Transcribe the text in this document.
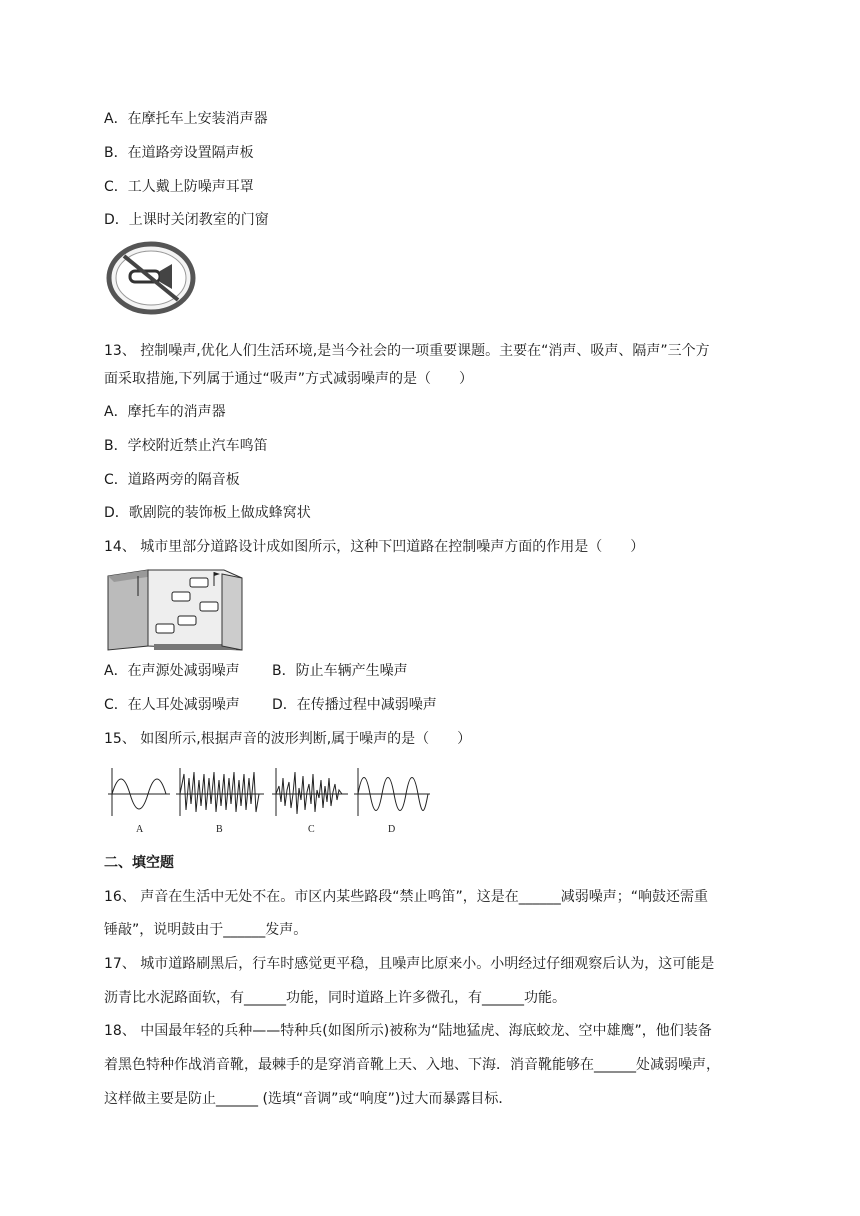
A．在摩托车上安装消声器
B．在道路旁设置隔声板
C．工人戴上防噪声耳罩
D．上课时关闭教室的门窗
13、 控制噪声,优化人们生活环境,是当今社会的一项重要课题。主要在“消声、吸声、隔声”三个方
面采取措施,下列属于通过“吸声”方式减弱噪声的是（　　）
A．摩托车的消声器
B．学校附近禁止汽车鸣笛
C．道路两旁的隔音板
D．歌剧院的装饰板上做成蜂窝状
14、 城市里部分道路设计成如图所示，这种下凹道路在控制噪声方面的作用是（　　）
A．在声源处减弱噪声 B．防止车辆产生噪声
C．在人耳处减弱噪声 D．在传播过程中减弱噪声
15、 如图所示,根据声音的波形判断,属于噪声的是（　　）
A	B	C	D
二、填空题
16、 声音在生活中无处不在。市区内某些路段“禁止鸣笛”，这是在______减弱噪声；“响鼓还需重
锤敲”，说明鼓由于______发声。
17、 城市道路刷黑后，行车时感觉更平稳，且噪声比原来小。小明经过仔细观察后认为，这可能是
沥青比水泥路面软，有______功能，同时道路上许多微孔，有______功能。
18、 中国最年轻的兵种——特种兵(如图所示)被称为“陆地猛虎、海底蛟龙、空中雄鹰”，他们装备
着黑色特种作战消音靴，最棘手的是穿消音靴上天、入地、下海．消音靴能够在______处减弱噪声，
这样做主要是防止______ (选填“音调”或“响度”)过大而暴露目标．
